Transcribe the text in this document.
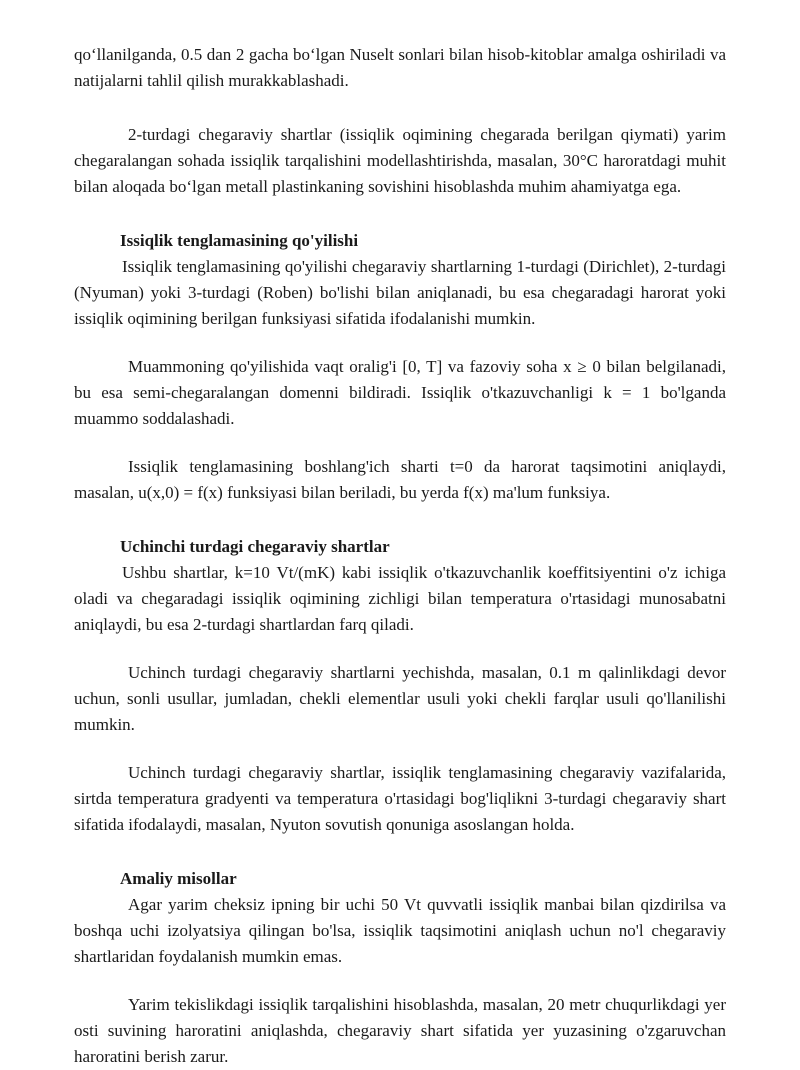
qo‘llanilganda, 0.5 dan 2 gacha bo‘lgan Nuselt sonlari bilan hisob-kitoblar amalga oshiriladi va natijalarni tahlil qilish murakkablashadi.

2-turdagi chegaraviy shartlar (issiqlik oqimining chegarada berilgan qiymati) yarim chegaralangan sohada issiqlik tarqalishini modellashtirishda, masalan, 30°C haroratdagi muhit bilan aloqada bo‘lgan metall plastinkaning sovishini hisoblashda muhim ahamiyatga ega.

Issiqlik tenglamasining qo'yilishi

Issiqlik tenglamasining qo'yilishi chegaraviy shartlarning 1-turdagi (Dirichlet), 2-turdagi (Nyuman) yoki 3-turdagi (Roben) bo'lishi bilan aniqlanadi, bu esa chegaradagi harorat yoki issiqlik oqimining berilgan funksiyasi sifatida ifodalanishi mumkin.

Muammoning qo'yilishida vaqt oralig'i [0, T] va fazoviy soha x ≥ 0 bilan belgilanadi, bu esa semi-chegaralangan domenni bildiradi. Issiqlik o'tkazuvchanligi k = 1 bo'lganda muammo soddalashadi.

Issiqlik tenglamasining boshlang'ich sharti t=0 da harorat taqsimotini aniqlaydi, masalan, u(x,0) = f(x) funksiyasi bilan beriladi, bu yerda f(x) ma'lum funksiya.

Uchinchi turdagi chegaraviy shartlar

Ushbu shartlar, k=10 Vt/(mK) kabi issiqlik o'tkazuvchanlik koeffitsiyentini o'z ichiga oladi va chegaradagi issiqlik oqimining zichligi bilan temperatura o'rtasidagi munosabatni aniqlaydi, bu esa 2-turdagi shartlardan farq qiladi.

Uchinch turdagi chegaraviy shartlarni yechishda, masalan, 0.1 m qalinlikdagi devor uchun, sonli usullar, jumladan, chekli elementlar usuli yoki chekli farqlar usuli qo'llanilishi mumkin.

Uchinch turdagi chegaraviy shartlar, issiqlik tenglamasining chegaraviy vazifalarida, sirtda temperatura gradyenti va temperatura o'rtasidagi bog'liqlikni 3-turdagi chegaraviy shart sifatida ifodalaydi, masalan, Nyuton sovutish qonuniga asoslangan holda.

Amaliy misollar

Agar yarim cheksiz ipning bir uchi 50 Vt quvvatli issiqlik manbai bilan qizdirilsa va boshqa uchi izolyatsiya qilingan bo'lsa, issiqlik taqsimotini aniqlash uchun no'l chegaraviy shartlaridan foydalanish mumkin emas.

Yarim tekislikdagi issiqlik tarqalishini hisoblashda, masalan, 20 metr chuqurlikdagi yer osti suvining haroratini aniqlashda, chegaraviy shart sifatida yer yuzasining o'zgaruvchan haroratini berish zarur.
